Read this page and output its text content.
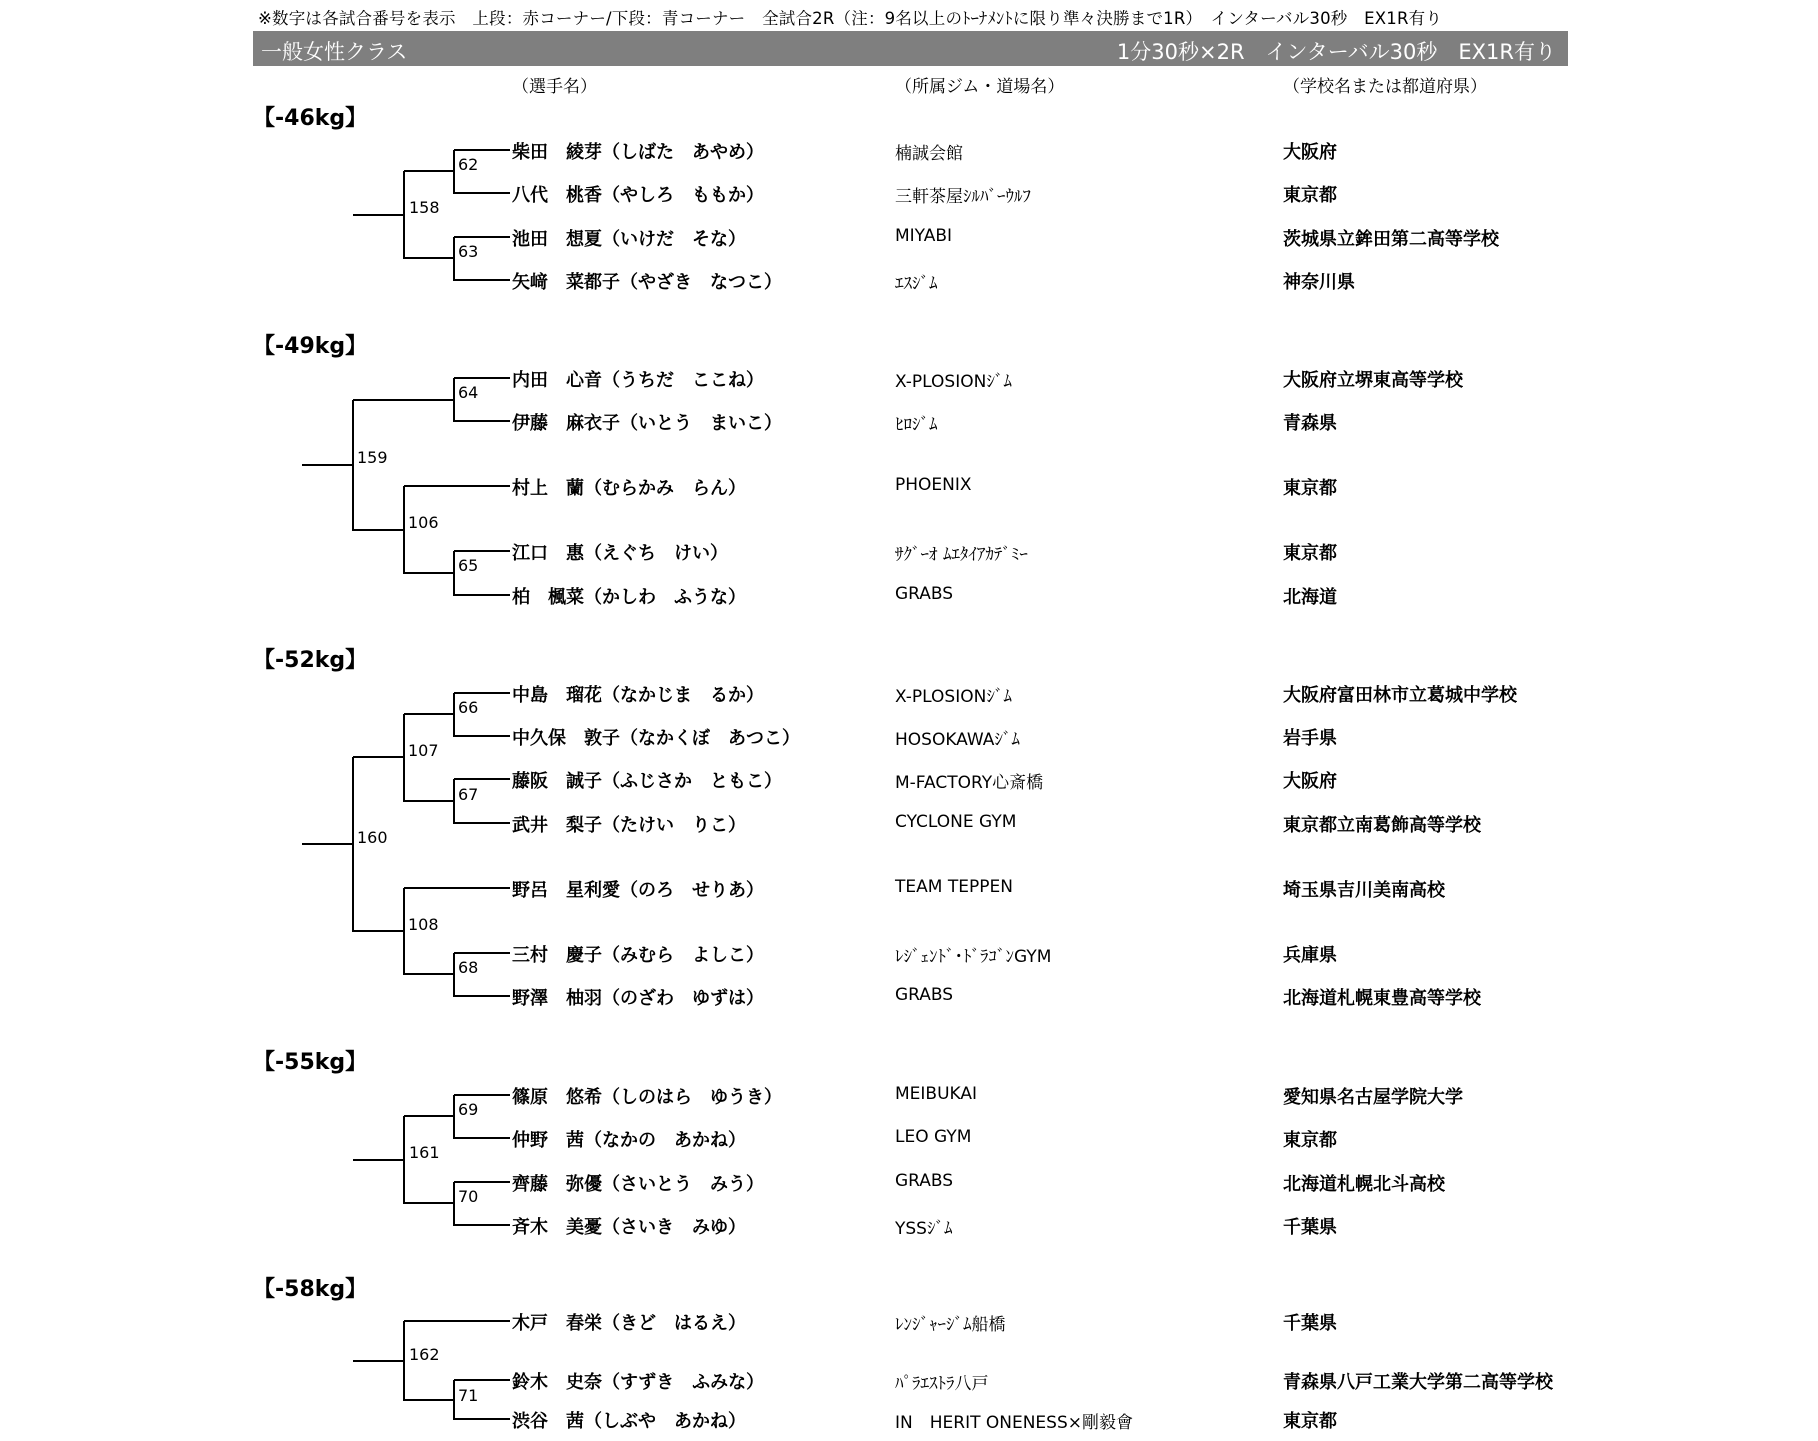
※数字は各試合番号を表示　上段：赤コーナー/下段：青コーナー　全試合2R（注：9名以上のﾄｰﾅﾒﾝﾄに限り準々決勝まで1R）　インターバル30秒　EX1R有り
一般女性クラス	1分30秒×2R　インターバル30秒　EX1R有り
（選手名）	（所属ジム・道場名）	（学校名または都道府県）
【-46kg】
62
63
158
柴田　綾芽（しばた　あやめ）	楠誠会館	大阪府
八代　桃香（やしろ　ももか）	三軒茶屋ｼﾙﾊﾞｰｳﾙﾌ	東京都
池田　想夏（いけだ　そな）	MIYABI	茨城県立鉾田第二高等学校
矢﨑　菜都子（やざき　なつこ）	ｴｽｼﾞﾑ	神奈川県
【-49kg】
64
159
106
65
内田　心音（うちだ　ここね）	X-PLOSIONｼﾞﾑ	大阪府立堺東高等学校
伊藤　麻衣子（いとう　まいこ）	ﾋﾛｼﾞﾑ	青森県
村上　蘭（むらかみ　らん）	PHOENIX	東京都
江口　惠（えぐち　けい）	ｻｸﾞｰｵ ﾑｴﾀｲｱｶﾃﾞﾐｰ	東京都
柏　楓菜（かしわ　ふうな）	GRABS	北海道
【-52kg】
66
107
67
160
108
68
中島　瑠花（なかじま　るか）	X-PLOSIONｼﾞﾑ	大阪府富田林市立葛城中学校
中久保　敦子（なかくぼ　あつこ）	HOSOKAWAｼﾞﾑ	岩手県
藤阪　誠子（ふじさか　ともこ）	M-FACTORY心斎橋	大阪府
武井　梨子（たけい　りこ）	CYCLONE GYM	東京都立南葛飾高等学校
野呂　星利愛（のろ　せりあ）	TEAM TEPPEN	埼玉県吉川美南高校
三村　慶子（みむら　よしこ）	ﾚｼﾞｪﾝﾄﾞ･ﾄﾞﾗｺﾞﾝGYM	兵庫県
野澤　柚羽（のざわ　ゆずは）	GRABS	北海道札幌東豊高等学校
【-55kg】
69
161
70
篠原　悠希（しのはら　ゆうき）	MEIBUKAI	愛知県名古屋学院大学
仲野　茜（なかの　あかね）	LEO GYM	東京都
齊藤　弥優（さいとう　みう）	GRABS	北海道札幌北斗高校
斉木　美憂（さいき　みゆ）	YSSｼﾞﾑ	千葉県
【-58kg】
162
71
木戸　春栄（きど　はるえ）	ﾚﾝｼﾞｬｰｼﾞﾑ船橋	千葉県
鈴木　史奈（すずき　ふみな）	ﾊﾟﾗｴｽﾄﾗ八戸	青森県八戸工業大学第二高等学校
渋谷　茜（しぶや　あかね）	IN　HERIT ONENESS×剛毅會	東京都
